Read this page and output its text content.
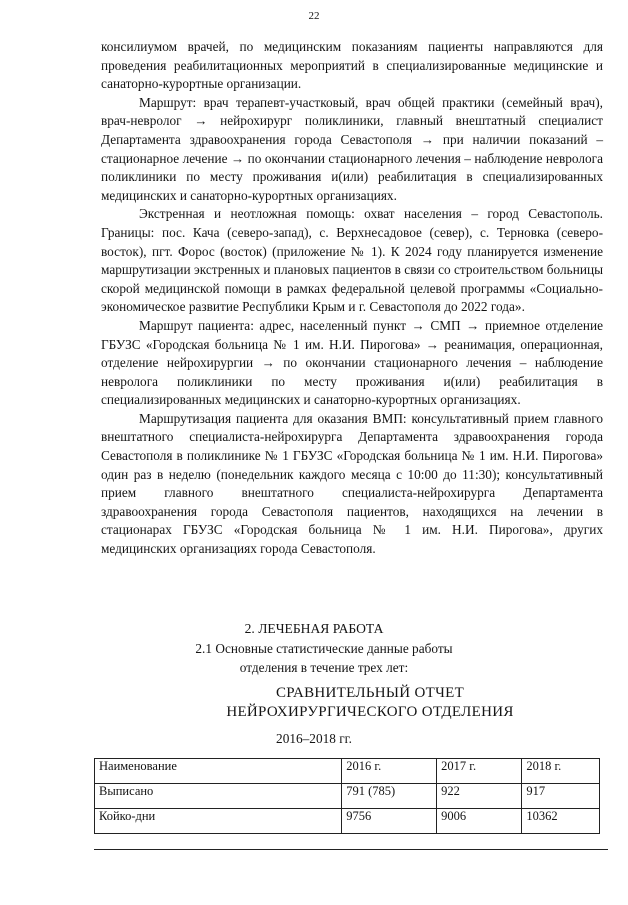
22

консилиумом врачей, по медицинским показаниям пациенты направляются для проведения реабилитационных мероприятий в специализированные медицинские и санаторно-курортные организации.

Маршрут: врач терапевт-участковый, врач общей практики (семейный врач), врач-невролог → нейрохирург поликлиники, главный внештатный специалист Департамента здравоохранения города Севастополя → при наличии показаний – стационарное лечение → по окончании стационарного лечения – наблюдение невролога поликлиники по месту проживания и(или) реабилитация в специализированных медицинских и санаторно-курортных организациях.

Экстренная и неотложная помощь: охват населения – город Севастополь. Границы: пос. Кача (северо-запад), с. Верхнесадовое (север), с. Терновка (северо-восток), пгт. Форос (восток) (приложение № 1). К 2024 году планируется изменение маршрутизации экстренных и плановых пациентов в связи со строительством больницы скорой медицинской помощи в рамках федеральной целевой программы «Социально-экономическое развитие Республики Крым и г. Севастополя до 2022 года».

Маршрут пациента: адрес, населенный пункт → СМП → приемное отделение ГБУЗС «Городская больница № 1 им. Н.И. Пирогова» → реанимация, операционная, отделение нейрохирургии → по окончании стационарного лечения – наблюдение невролога поликлиники по месту проживания и(или) реабилитация в специализированных медицинских и санаторно-курортных организациях.

Маршрутизация пациента для оказания ВМП: консультативный прием главного внештатного специалиста-нейрохирурга Департамента здравоохранения города Севастополя в поликлинике № 1 ГБУЗС «Городская больница № 1 им. Н.И. Пирогова» один раз в неделю (понедельник каждого месяца с 10:00 до 11:30); консультативный прием главного внештатного специалиста-нейрохирурга Департамента здравоохранения города Севастополя пациентов, находящихся на лечении в стационарах ГБУЗС «Городская больница № 1 им. Н.И. Пирогова», других медицинских организациях города Севастополя.

2. ЛЕЧЕБНАЯ РАБОТА
2.1 Основные статистические данные работы отделения в течение трех лет:
СРАВНИТЕЛЬНЫЙ ОТЧЕТ
НЕЙРОХИРУРГИЧЕСКОГО ОТДЕЛЕНИЯ
2016–2018 гг.
Наименование	2016 г.	2017 г.	2018 г.
Выписано	791 (785)	922	917
Койко-дни	9756	9006	10362
